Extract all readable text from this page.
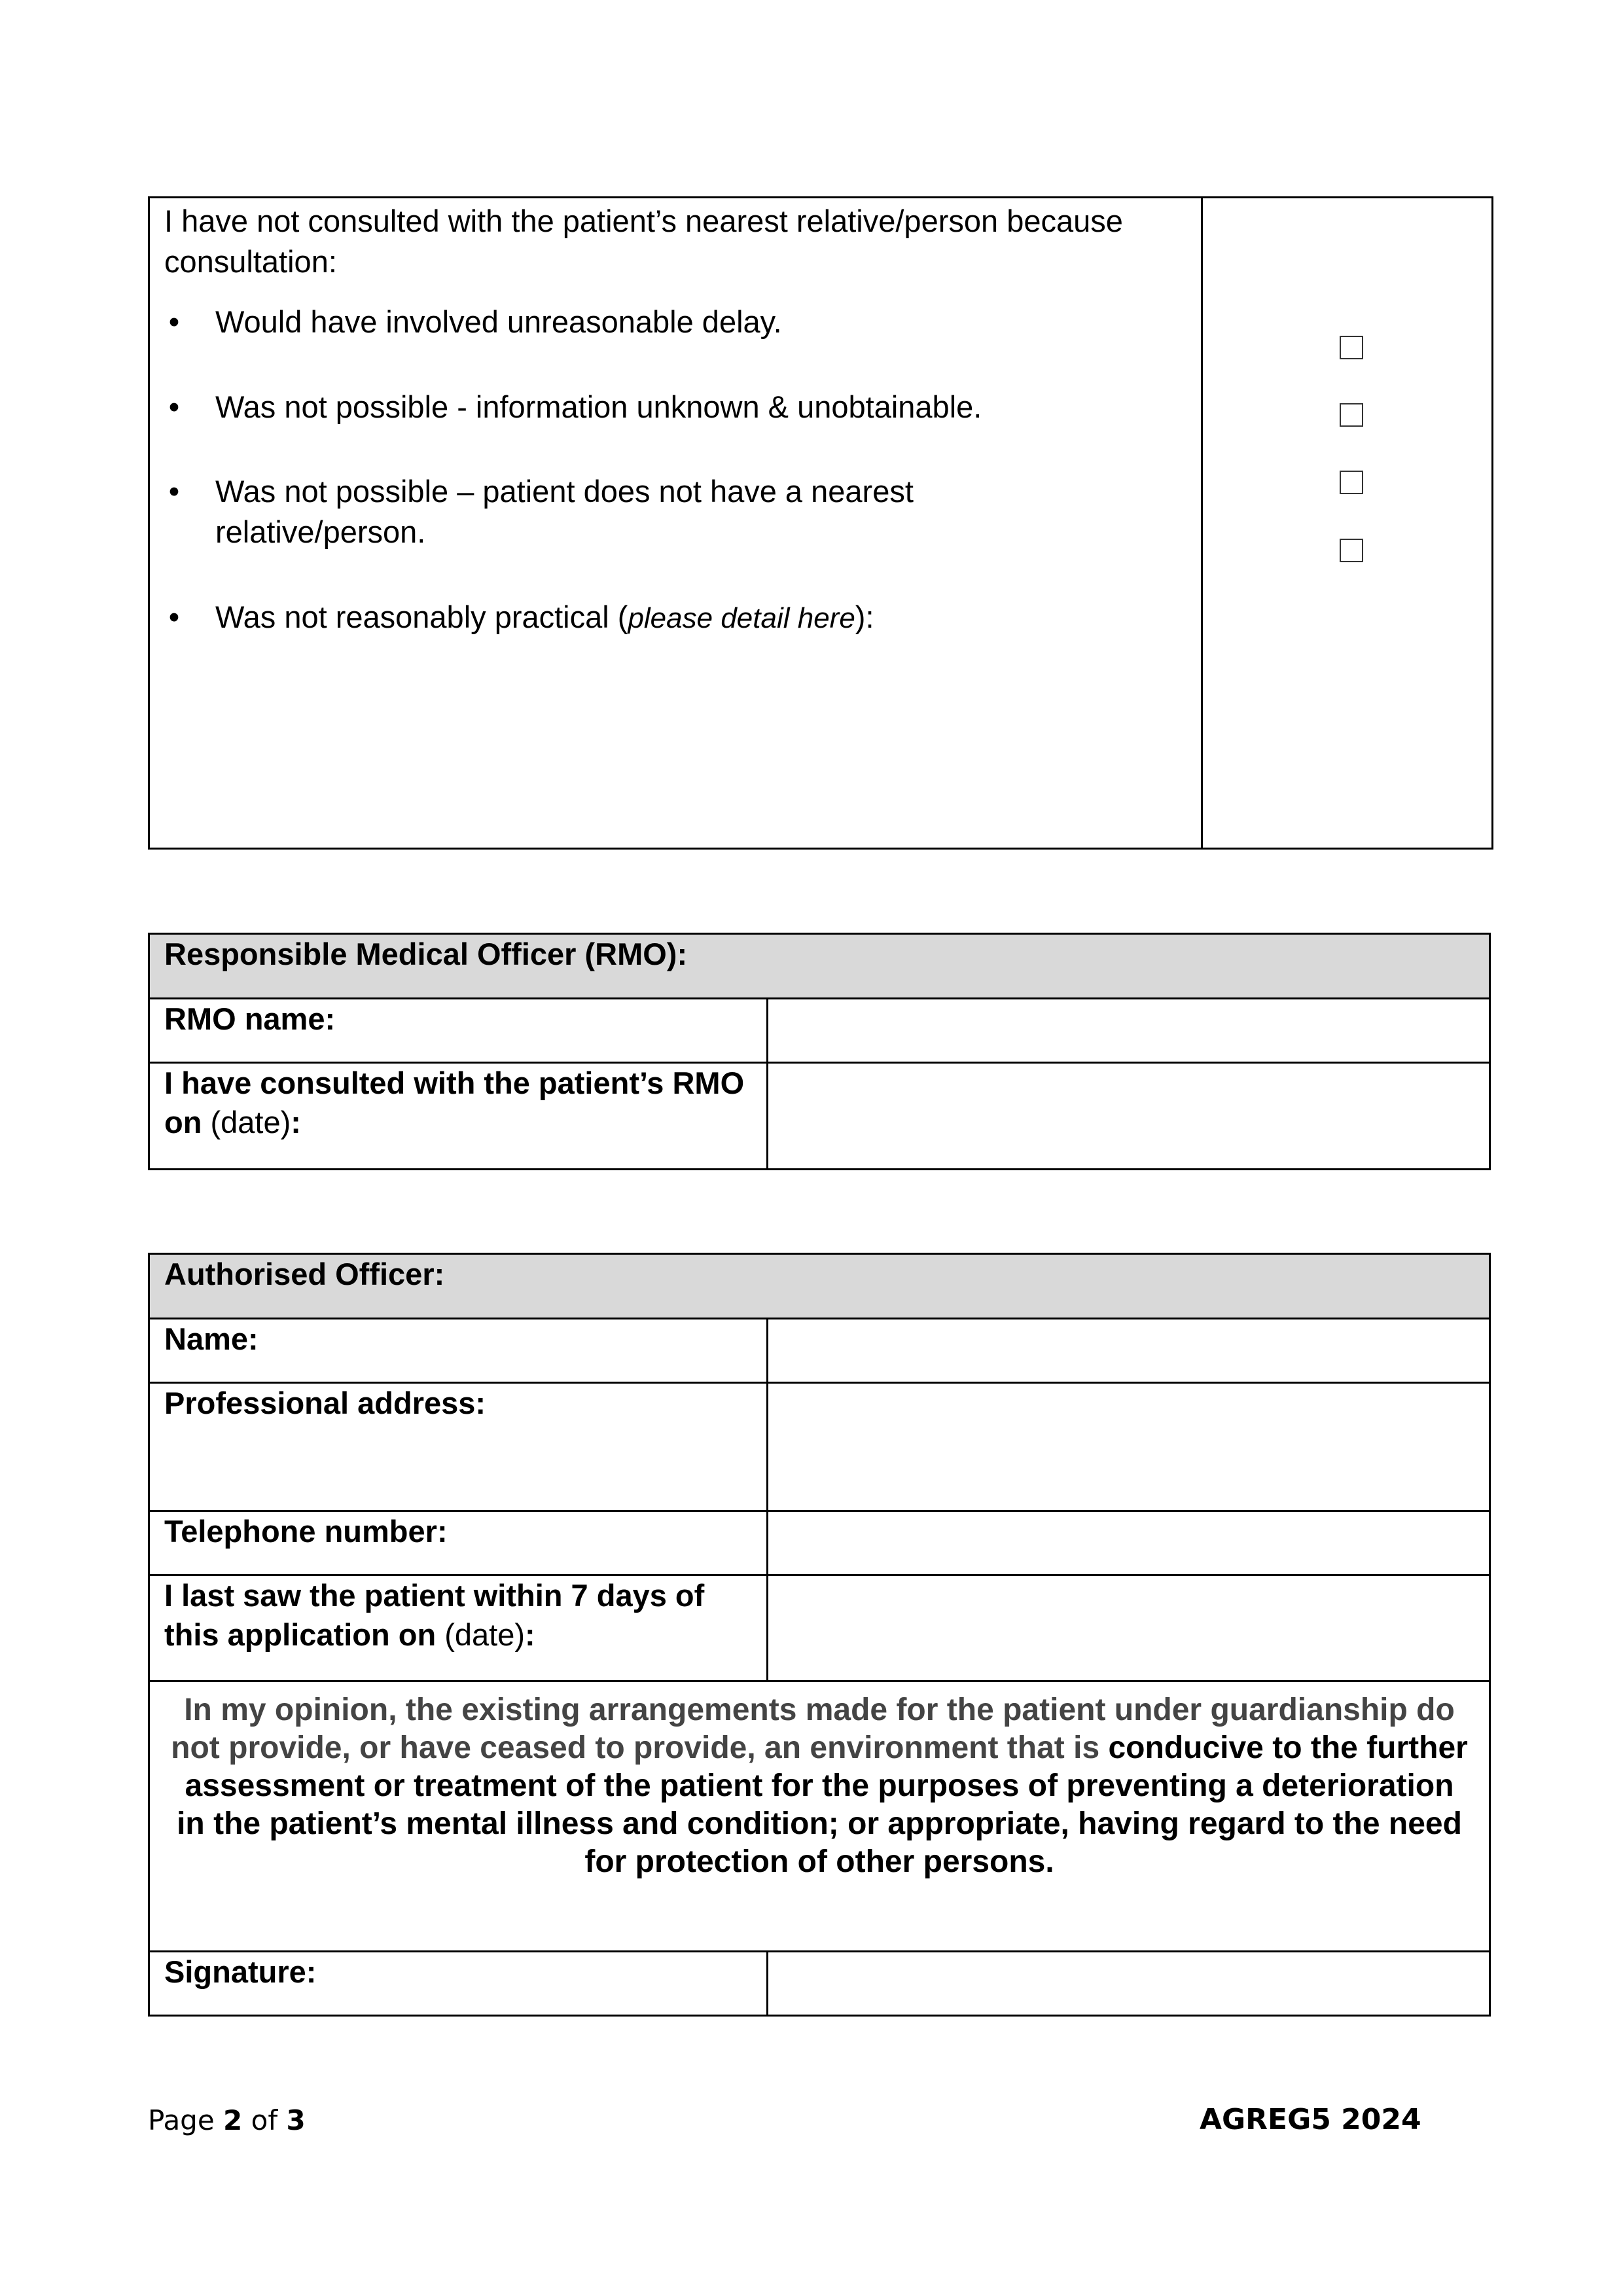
I have not consulted with the patient’s nearest relative/person because consultation:
• Would have involved unreasonable delay.
• Was not possible - information unknown & unobtainable.
• Was not possible – patient does not have a nearest relative/person.
• Was not reasonably practical (please detail here):
Responsible Medical Officer (RMO):	
RMO name:	
I have consulted with the patient’s RMO on (date):	
Authorised Officer:	
Name:	
Professional address:	
Telephone number:	
I last saw the patient within 7 days of this application on (date):	
In my opinion, the existing arrangements made for the patient under guardianship do not provide, or have ceased to provide, an environment that is conducive to the further assessment or treatment of the patient for the purposes of preventing a deterioration in the patient’s mental illness and condition; or appropriate, having regard to the need for protection of other persons.	
Signature:	
Page 2 of 3	AGREG5 2024
